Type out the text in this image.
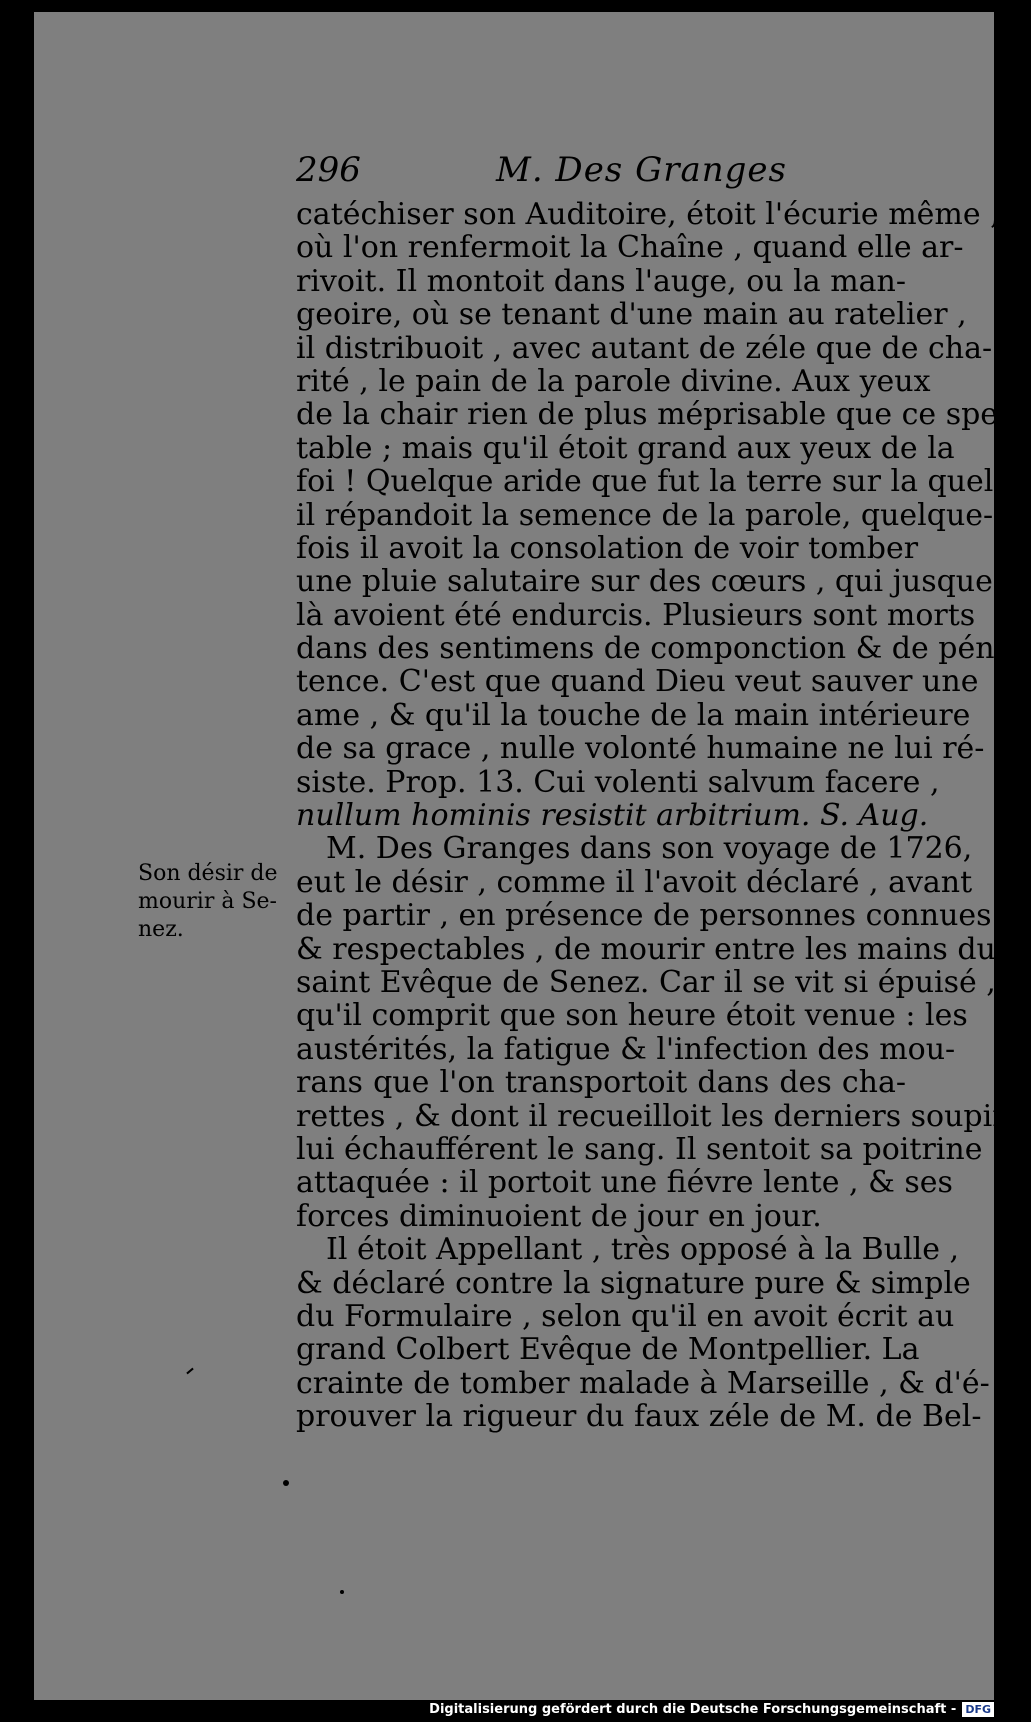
296	M. Des Granges
catéchiser son Auditoire, étoit l'écurie même ,
où l'on renfermoit la Chaîne , quand elle ar-
rivoit. Il montoit dans l'auge, ou la man-
geoire, où se tenant d'une main au ratelier ,
il distribuoit , avec autant de zéle que de cha-
rité , le pain de la parole divine. Aux yeux
de la chair rien de plus méprisable que ce spec-
table ; mais qu'il étoit grand aux yeux de la
foi ! Quelque aride que fut la terre sur la quelle
il répandoit la semence de la parole, quelque-
fois il avoit la consolation de voir tomber
une pluie salutaire sur des cœurs , qui jusques-
là avoient été endurcis. Plusieurs sont morts
dans des sentimens de componction & de péni-
tence. C'est que quand Dieu veut sauver une
ame , & qu'il la touche de la main intérieure
de sa grace , nulle volonté humaine ne lui ré-
siste. Prop. 13. Cui volenti salvum facere ,
nullum hominis resistit arbitrium. S. Aug.
M. Des Granges dans son voyage de 1726,
eut le désir , comme il l'avoit déclaré , avant
de partir , en présence de personnes connues
& respectables , de mourir entre les mains du
saint Evêque de Senez. Car il se vit si épuisé ,
qu'il comprit que son heure étoit venue : les
austérités, la fatigue & l'infection des mou-
rans que l'on transportoit dans des cha-
rettes , & dont il recueilloit les derniers soupirs,
lui échaufférent le sang. Il sentoit sa poitrine
attaquée : il portoit une fiévre lente , & ses
forces diminuoient de jour en jour.
Il étoit Appellant , très opposé à la Bulle ,
& déclaré contre la signature pure & simple
du Formulaire , selon qu'il en avoit écrit au
grand Colbert Evêque de Montpellier. La
crainte de tomber malade à Marseille , & d'é-
prouver la rigueur du faux zéle de M. de Bel-
Son désir de
mourir à Se-
nez.
Digitalisierung gefördert durch die Deutsche Forschungsgemeinschaft - DFG
